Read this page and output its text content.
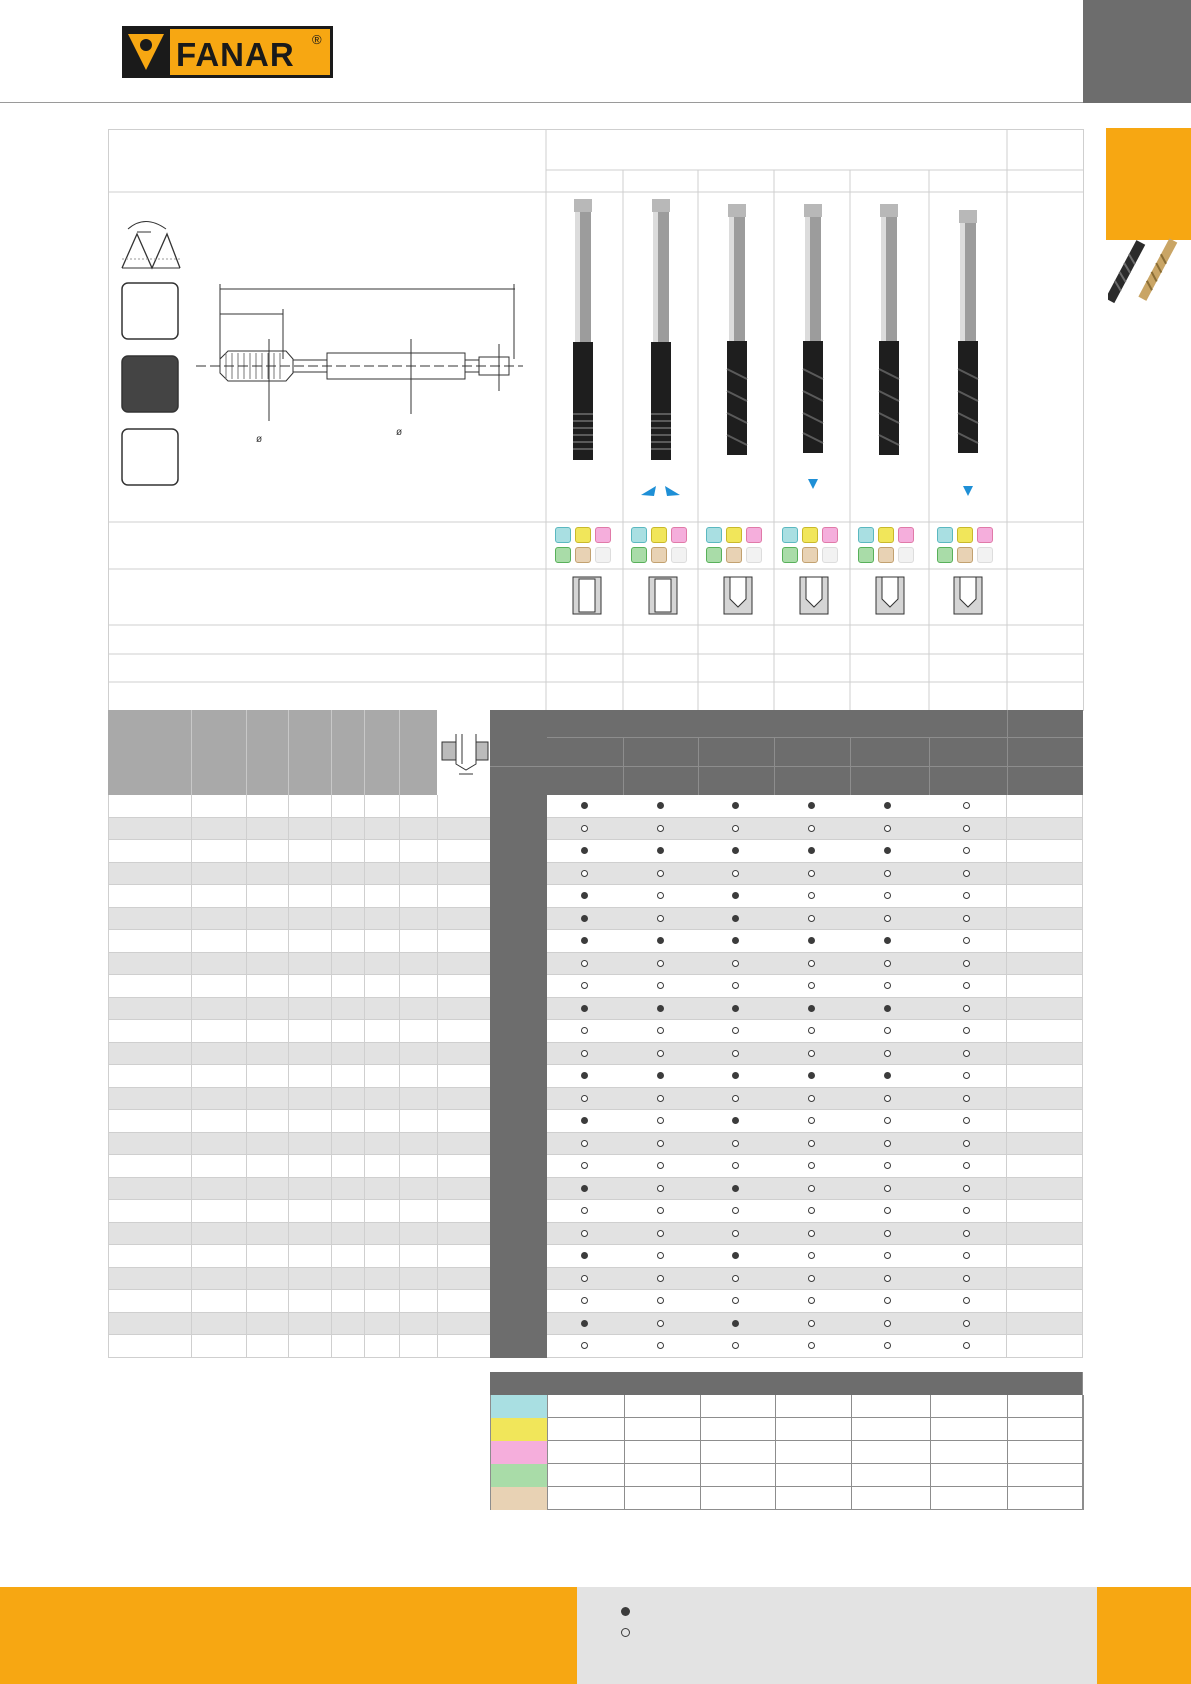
FANAR ®
ø
ø
